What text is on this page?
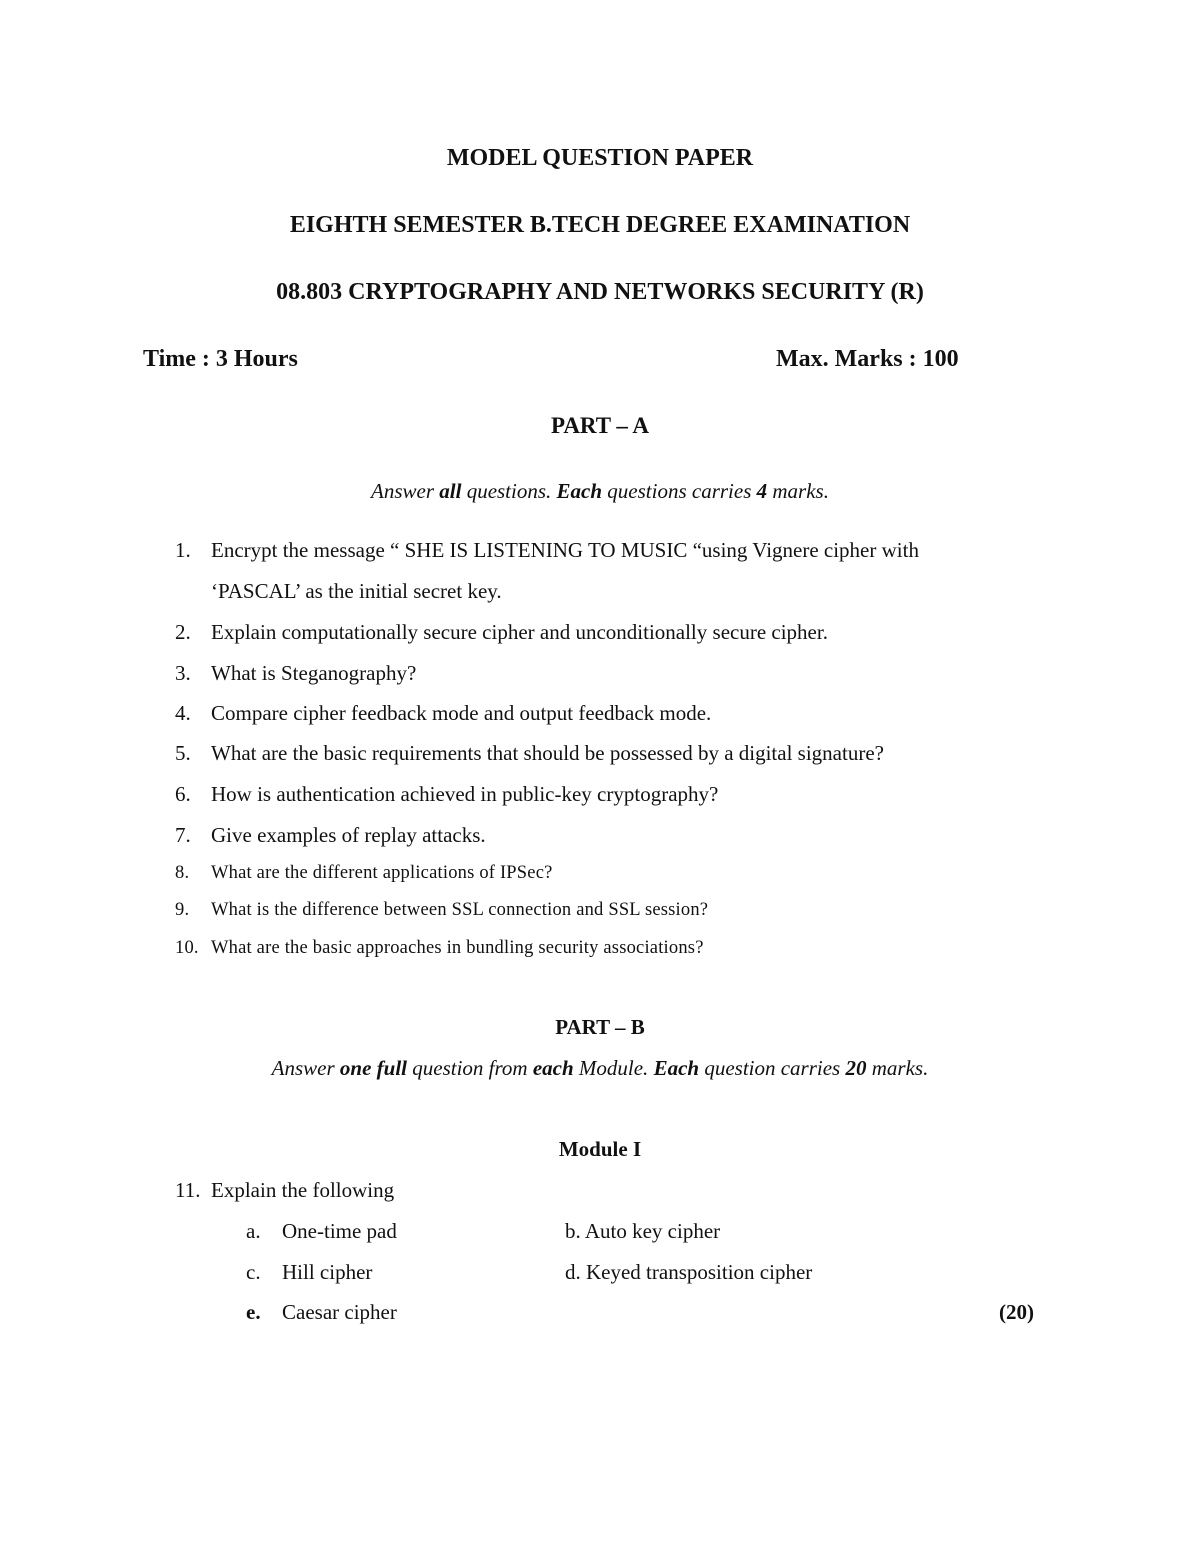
MODEL QUESTION PAPER
EIGHTH SEMESTER B.TECH DEGREE EXAMINATION
08.803 CRYPTOGRAPHY AND NETWORKS SECURITY (R)
Time : 3 Hours	Max. Marks : 100
PART – A
Answer all questions. Each questions carries 4 marks.
1. Encrypt the message “ SHE IS LISTENING TO MUSIC “using Vignere cipher with
‘PASCAL’ as the initial secret key.
2. Explain computationally secure cipher and unconditionally secure cipher.
3. What is Steganography?
4. Compare cipher feedback mode and output feedback mode.
5. What are the basic requirements that should be possessed by a digital signature?
6. How is authentication achieved in public-key cryptography?
7. Give examples of replay attacks.
8. What are the different applications of IPSec?
9. What is the difference between SSL connection and SSL session?
10. What are the basic approaches in bundling security associations?
PART – B
Answer one full question from each Module. Each question carries 20 marks.
Module I
11. Explain the following
a. One-time pad	b. Auto key cipher
c. Hill cipher	d. Keyed transposition cipher
e. Caesar cipher	(20)
